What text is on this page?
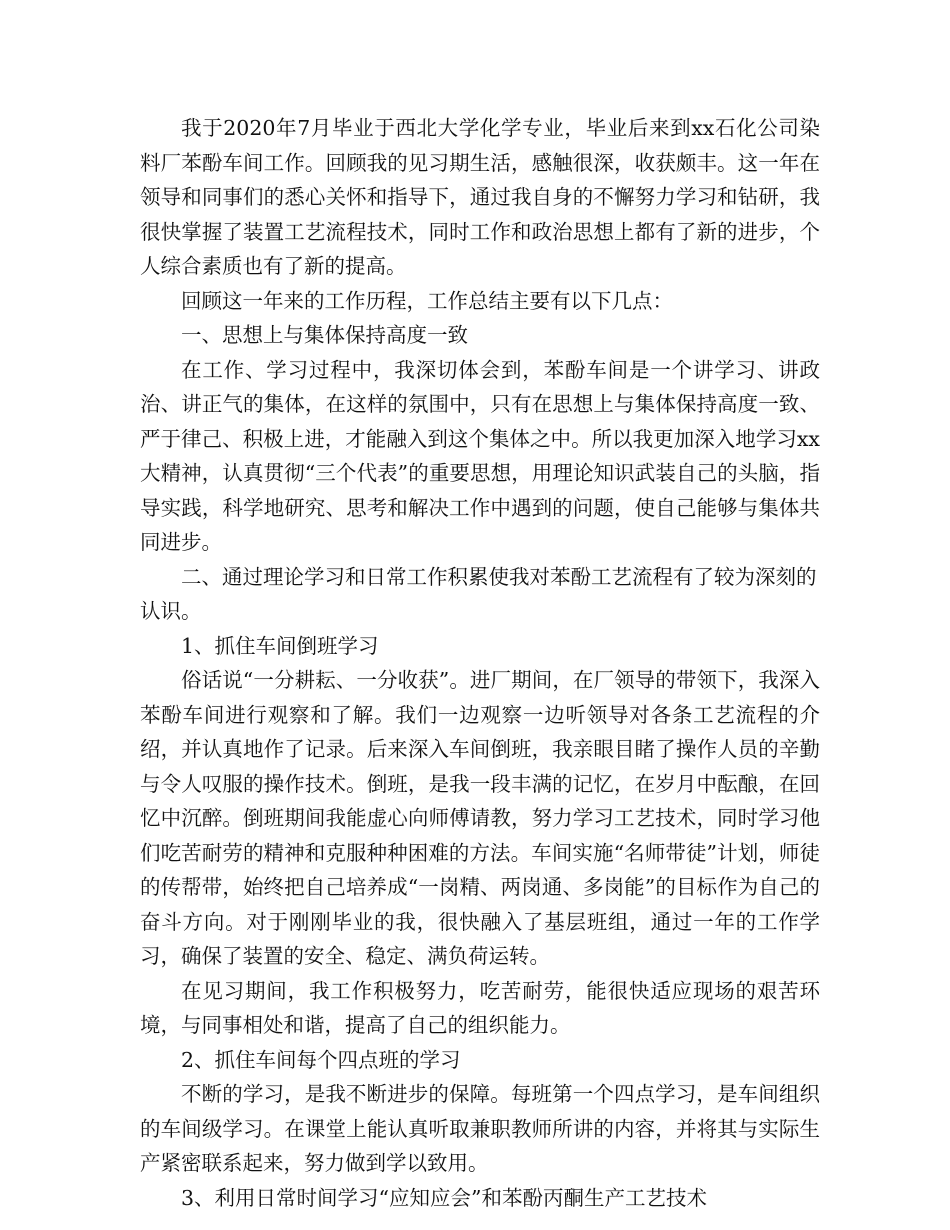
我于2020年7月毕业于西北大学化学专业，毕业后来到xx石化公司染料厂苯酚车间工作。回顾我的见习期生活，感触很深，收获颇丰。这一年在领导和同事们的悉心关怀和指导下，通过我自身的不懈努力学习和钻研，我很快掌握了装置工艺流程技术，同时工作和政治思想上都有了新的进步，个人综合素质也有了新的提高。

回顾这一年来的工作历程，工作总结主要有以下几点：

一、思想上与集体保持高度一致

在工作、学习过程中，我深切体会到，苯酚车间是一个讲学习、讲政治、讲正气的集体，在这样的氛围中，只有在思想上与集体保持高度一致、严于律己、积极上进，才能融入到这个集体之中。所以我更加深入地学习xx大精神，认真贯彻“三个代表”的重要思想，用理论知识武装自己的头脑，指导实践，科学地研究、思考和解决工作中遇到的问题，使自己能够与集体共同进步。

二、通过理论学习和日常工作积累使我对苯酚工艺流程有了较为深刻的认识。

1、抓住车间倒班学习

俗话说“一分耕耘、一分收获”。进厂期间，在厂领导的带领下，我深入苯酚车间进行观察和了解。我们一边观察一边听领导对各条工艺流程的介绍，并认真地作了记录。后来深入车间倒班，我亲眼目睹了操作人员的辛勤与令人叹服的操作技术。倒班，是我一段丰满的记忆，在岁月中酝酿，在回忆中沉醉。倒班期间我能虚心向师傅请教，努力学习工艺技术，同时学习他们吃苦耐劳的精神和克服种种困难的方法。车间实施“名师带徒”计划，师徒的传帮带，始终把自己培养成“一岗精、两岗通、多岗能”的目标作为自己的奋斗方向。对于刚刚毕业的我，很快融入了基层班组，通过一年的工作学习，确保了装置的安全、稳定、满负荷运转。

在见习期间，我工作积极努力，吃苦耐劳，能很快适应现场的艰苦环境，与同事相处和谐，提高了自己的组织能力。

2、抓住车间每个四点班的学习

不断的学习，是我不断进步的保障。每班第一个四点学习，是车间组织的车间级学习。在课堂上能认真听取兼职教师所讲的内容，并将其与实际生产紧密联系起来，努力做到学以致用。

3、利用日常时间学习“应知应会”和苯酚丙酮生产工艺技术
